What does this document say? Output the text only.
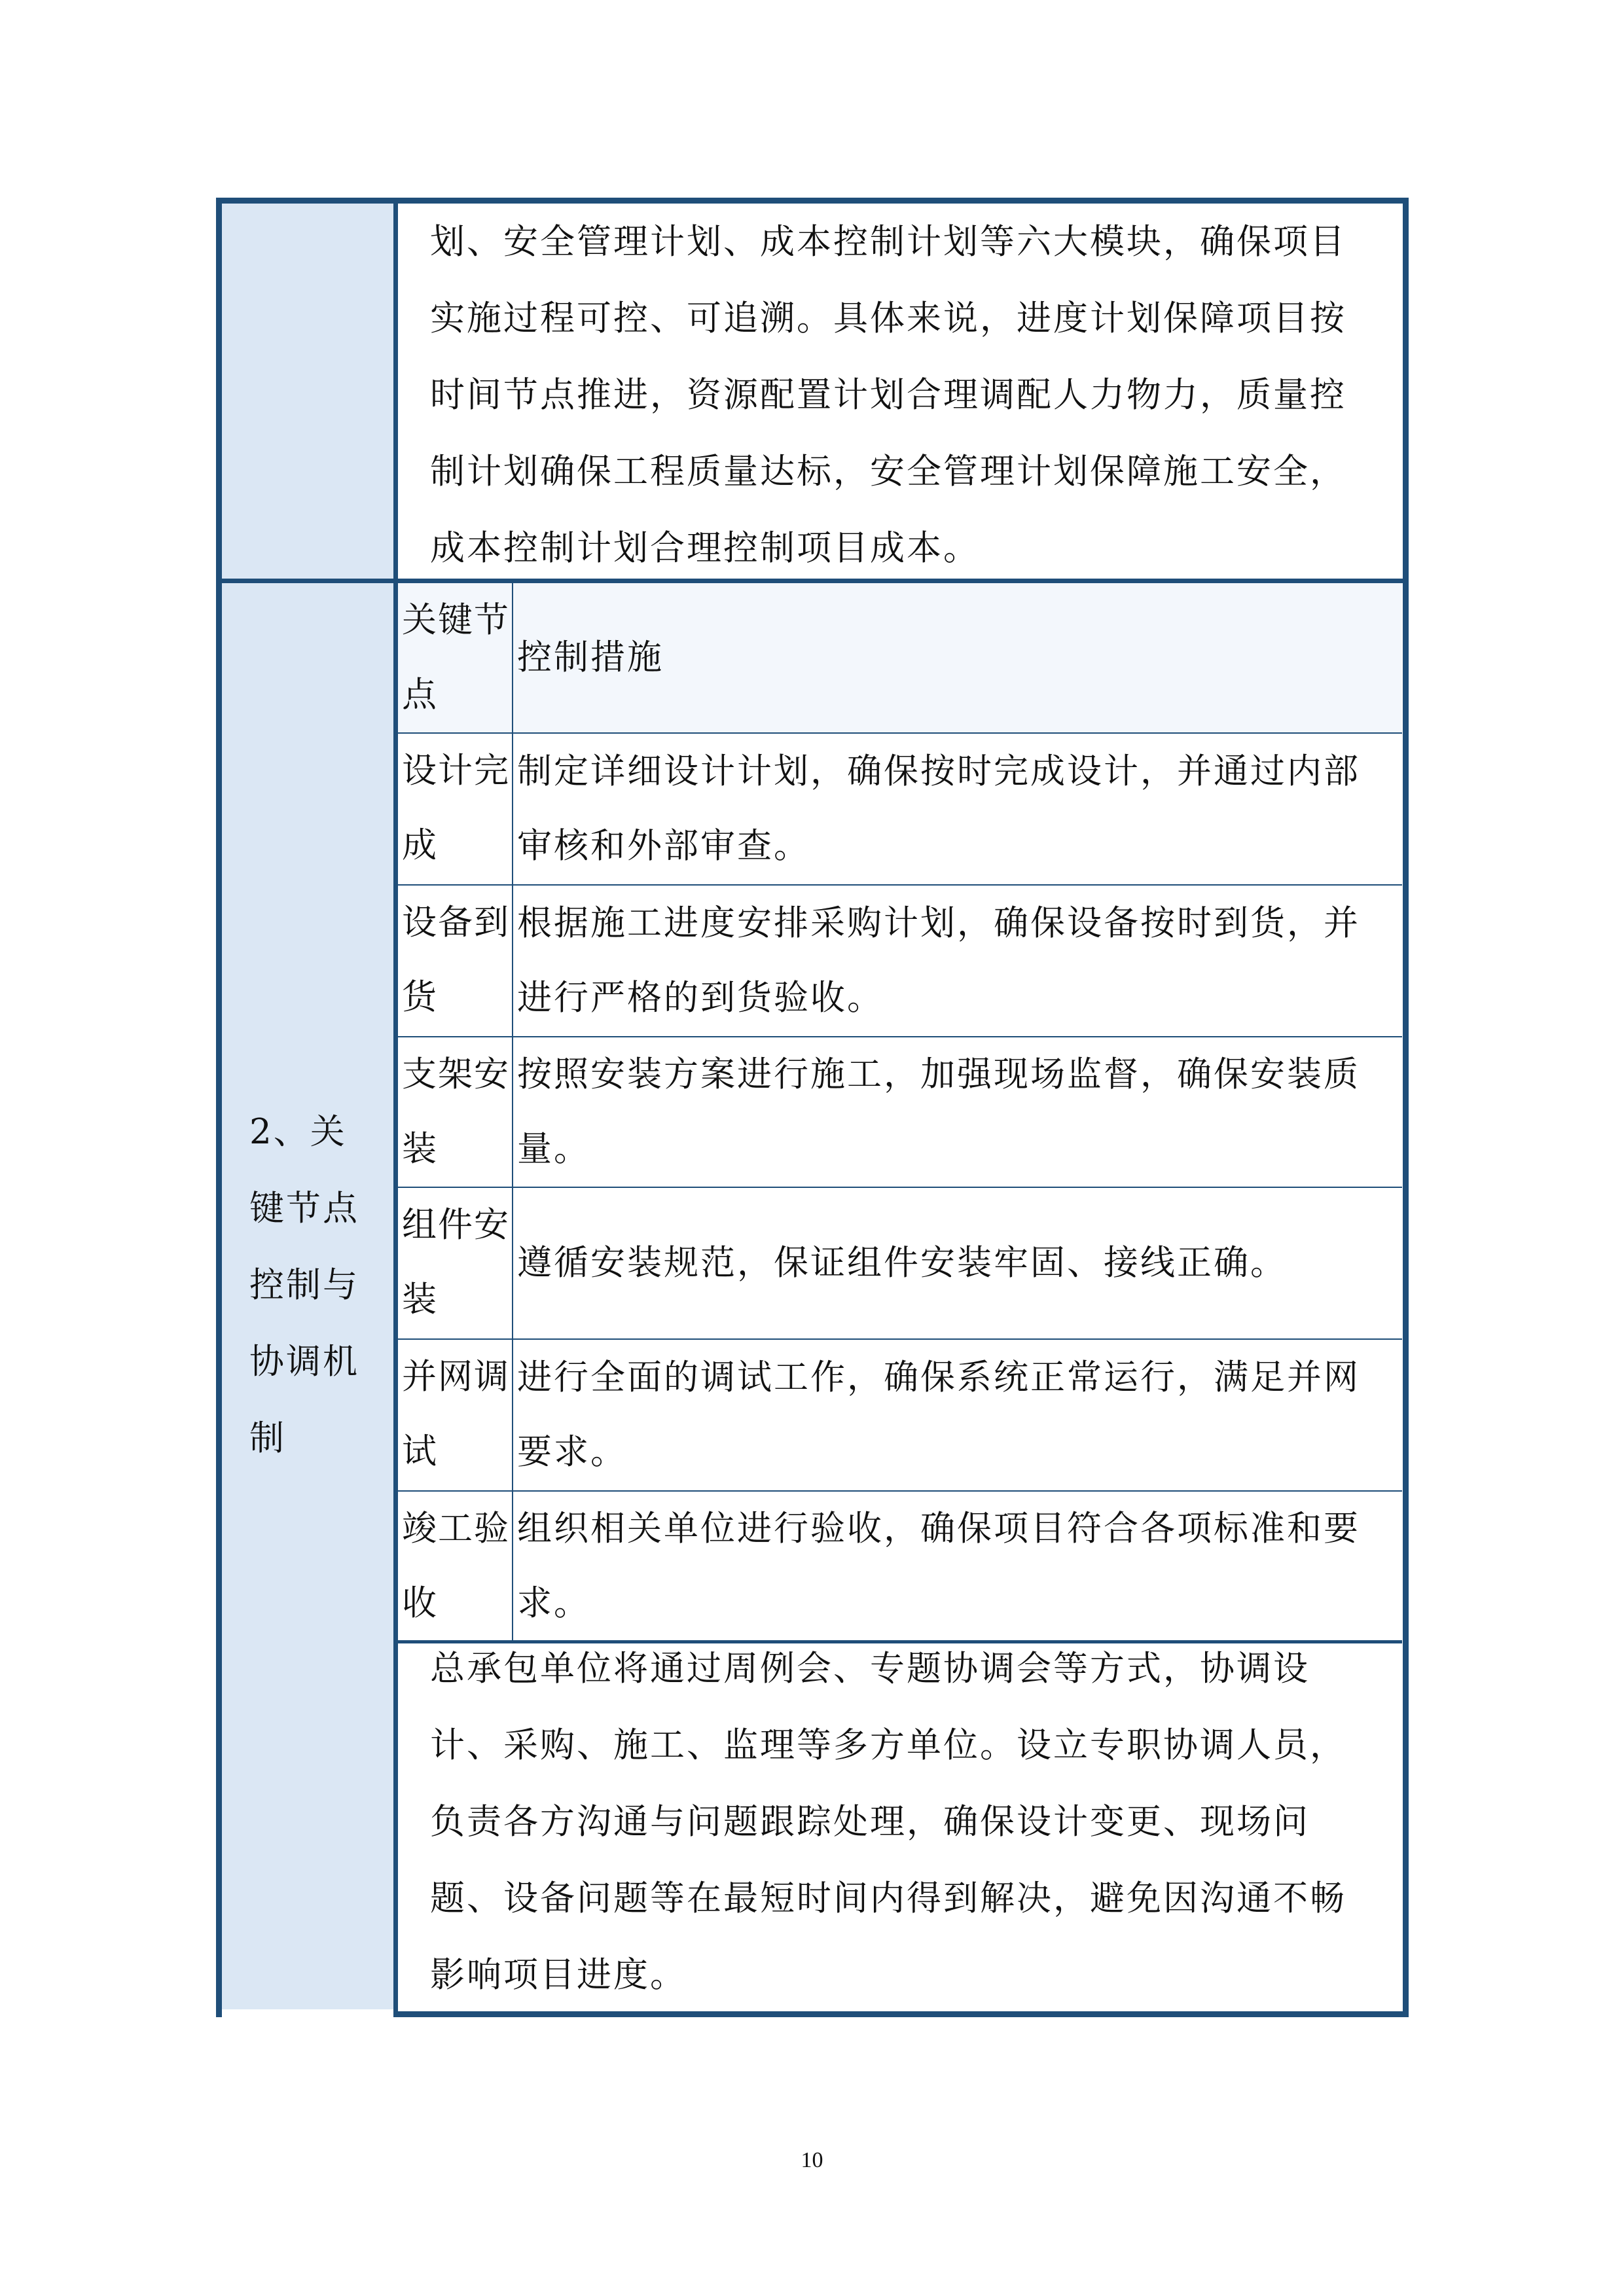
划、安全管理计划、成本控制计划等六大模块，确保项目
实施过程可控、可追溯。具体来说，进度计划保障项目按
时间节点推进，资源配置计划合理调配人力物力，质量控
制计划确保工程质量达标，安全管理计划保障施工安全，
成本控制计划合理控制项目成本。
2、关
键节点
控制与
协调机
制
关键节
点
控制措施
设计完
成
制定详细设计计划，确保按时完成设计，并通过内部
审核和外部审查。
设备到
货
根据施工进度安排采购计划，确保设备按时到货，并
进行严格的到货验收。
支架安
装
按照安装方案进行施工，加强现场监督，确保安装质
量。
组件安
装
遵循安装规范，保证组件安装牢固、接线正确。
并网调
试
进行全面的调试工作，确保系统正常运行，满足并网
要求。
竣工验
收
组织相关单位进行验收，确保项目符合各项标准和要
求。
总承包单位将通过周例会、专题协调会等方式，协调设
计、采购、施工、监理等多方单位。设立专职协调人员，
负责各方沟通与问题跟踪处理，确保设计变更、现场问
题、设备问题等在最短时间内得到解决，避免因沟通不畅
影响项目进度。
10
